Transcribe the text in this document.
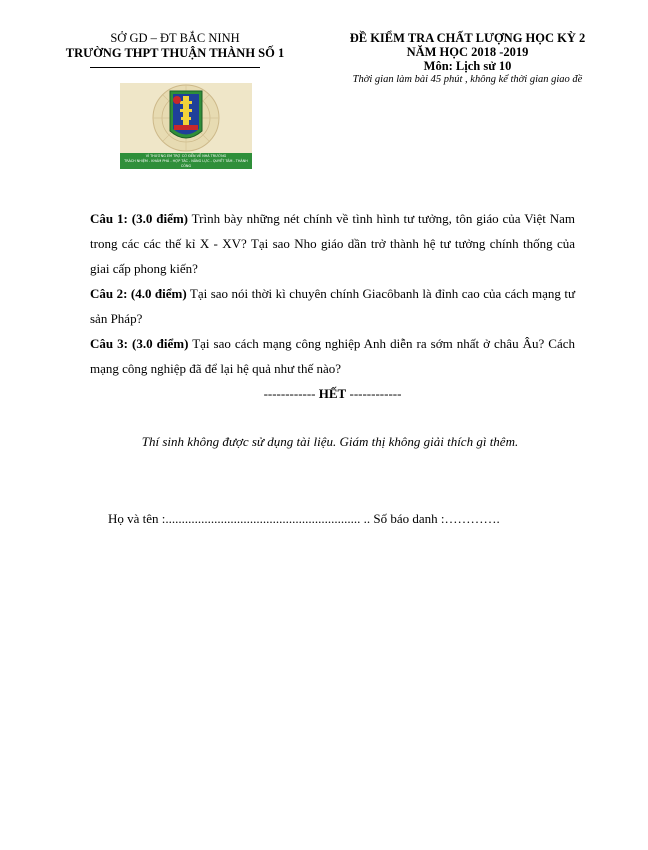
SỞ GD – ĐT BẮC NINH
TRƯỜNG THPT THUẬN THÀNH SỐ 1
ĐỀ KIỂM TRA CHẤT LƯỢNG HỌC KỲ 2
NĂM HỌC 2018 -2019
Môn: Lịch sử 10
Thời gian làm bài 45 phút , không kể thời gian giao đề
VÌ THƯƠNG EM TRỢ CỜ ĐỀN VỀ NHÀ TRƯỜNG
TRÁCH NHIỆM - KHÁM PHÁ - HỢP TÁC - NĂNG LỰC - QUYẾT TÂM - THÀNH CÔNG

Câu 1: (3.0 điểm) Trình bày những nét chính về tình hình tư tưởng, tôn giáo của Việt Nam trong các các thế kỉ X - XV? Tại sao Nho giáo dần trở thành hệ tư tưởng chính thống của giai cấp phong kiến?

Câu 2: (4.0 điểm) Tại sao nói thời kì chuyên chính Giacôbanh là đỉnh cao của cách mạng tư sản Pháp?

Câu 3: (3.0 điểm) Tại sao cách mạng công nghiệp Anh diễn ra sớm nhất ở châu Âu? Cách mạng công nghiệp đã để lại hệ quả như thế nào?

------------ HẾT ------------

Thí sinh không được sử dụng tài liệu. Giám thị không giải thích gì thêm.
Họ và tên :............................................................ .. Số báo danh :………….
